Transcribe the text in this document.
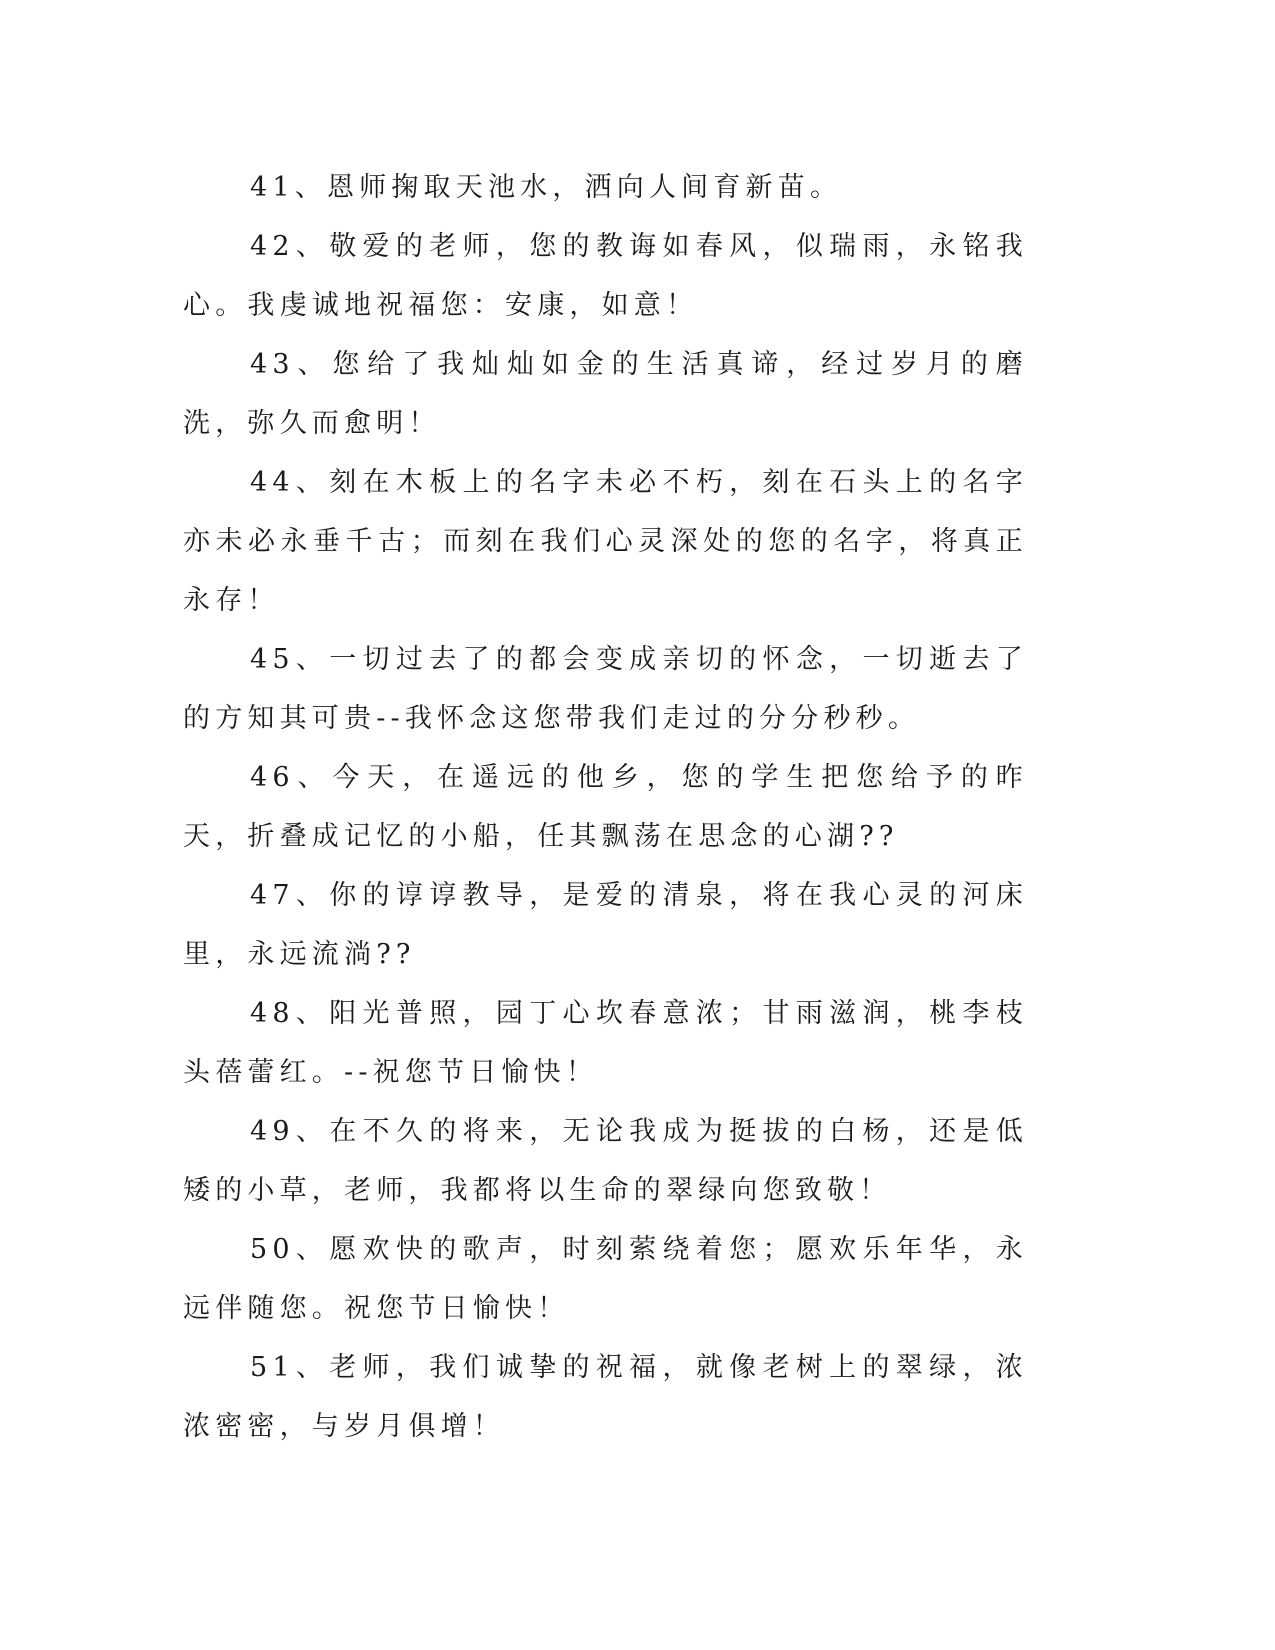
41、恩师掬取天池水，洒向人间育新苗。

42、敬爱的老师，您的教诲如春风，似瑞雨，永铭我心。我虔诚地祝福您：安康，如意！

43、您给了我灿灿如金的生活真谛，经过岁月的磨洗，弥久而愈明！

44、刻在木板上的名字未必不朽，刻在石头上的名字亦未必永垂千古；而刻在我们心灵深处的您的名字，将真正永存！

45、一切过去了的都会变成亲切的怀念，一切逝去了的方知其可贵--我怀念这您带我们走过的分分秒秒。

46、今天，在遥远的他乡，您的学生把您给予的昨天，折叠成记忆的小船，任其飘荡在思念的心湖??

47、你的谆谆教导，是爱的清泉，将在我心灵的河床里，永远流淌??

48、阳光普照，园丁心坎春意浓；甘雨滋润，桃李枝头蓓蕾红。--祝您节日愉快！

49、在不久的将来，无论我成为挺拔的白杨，还是低矮的小草，老师，我都将以生命的翠绿向您致敬！

50、愿欢快的歌声，时刻萦绕着您；愿欢乐年华，永远伴随您。祝您节日愉快！

51、老师，我们诚挚的祝福，就像老树上的翠绿，浓浓密密，与岁月俱增！
